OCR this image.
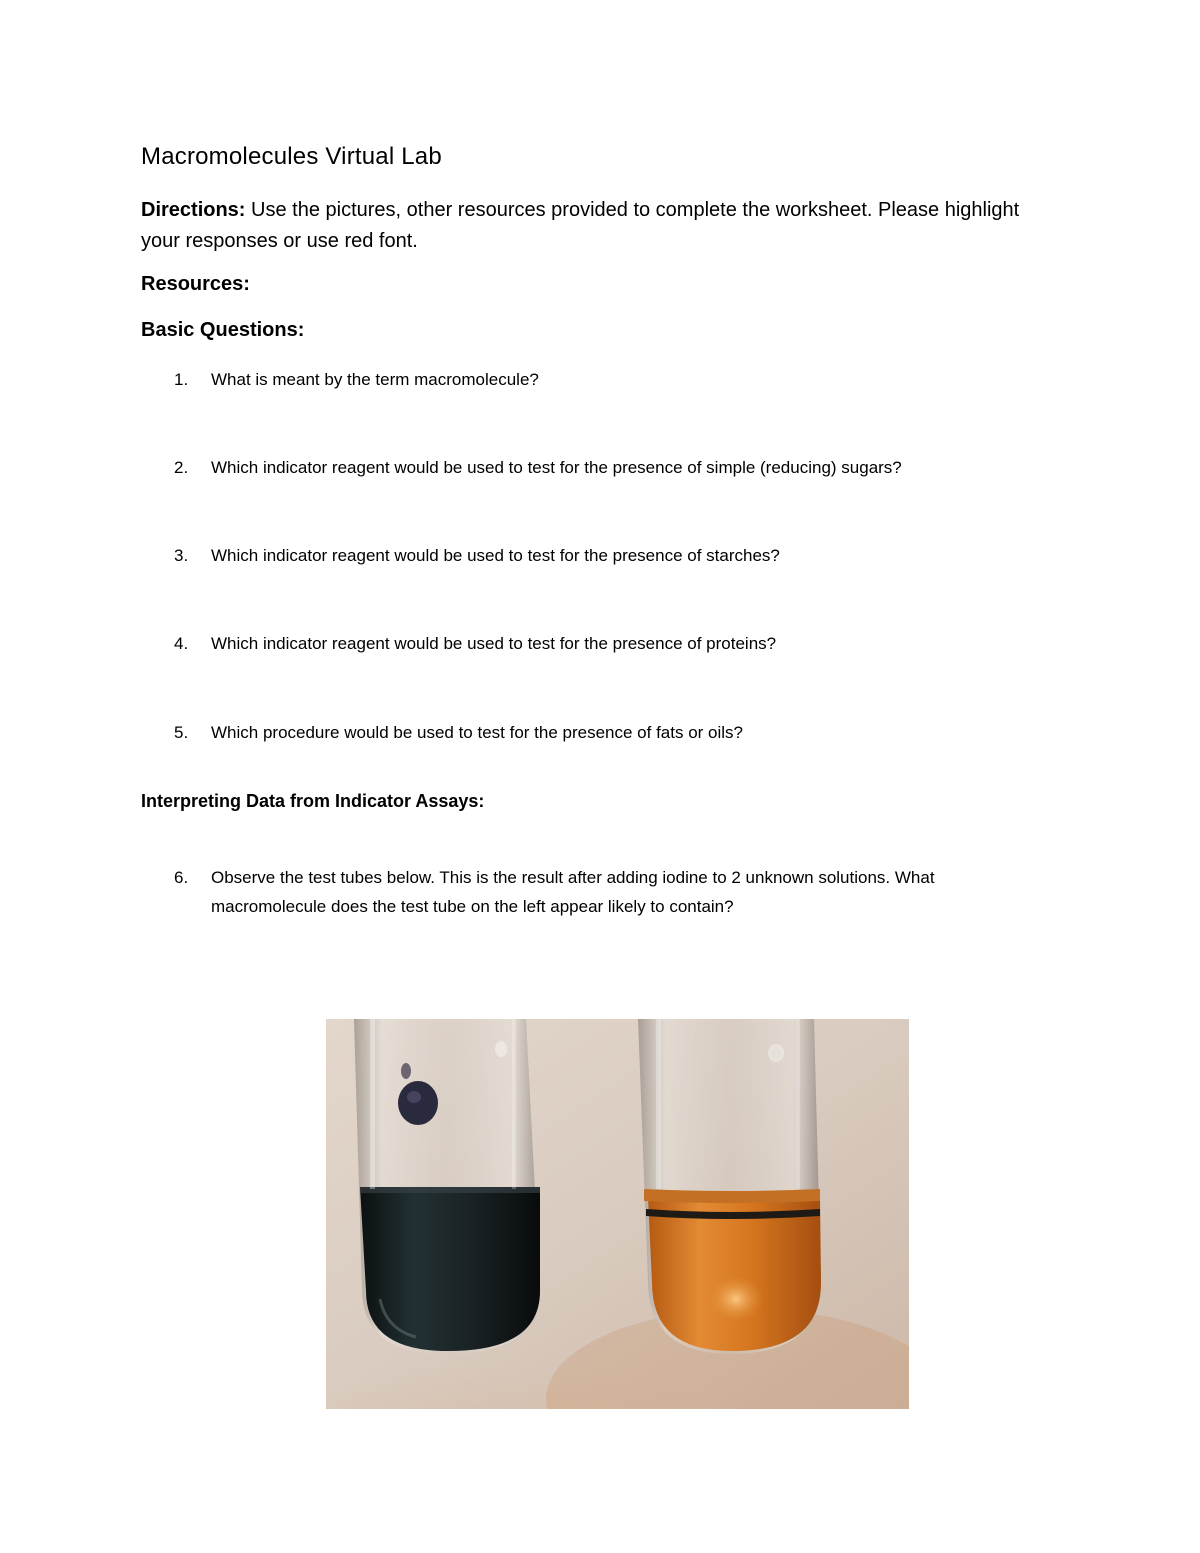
Macromolecules Virtual Lab

Directions: Use the pictures, other resources provided to complete the worksheet. Please highlight your responses or use red font.

Resources:
Basic Questions:
1.	What is meant by the term macromolecule?
2.	Which indicator reagent would be used to test for the presence of simple (reducing) sugars?
3.	Which indicator reagent would be used to test for the presence of starches?
4.	Which indicator reagent would be used to test for the presence of proteins?
5.	Which procedure would be used to test for the presence of fats or oils?
Interpreting Data from Indicator Assays:
6.	Observe the test tubes below. This is the result after adding iodine to 2 unknown solutions. What macromolecule does the test tube on the left appear likely to contain?
